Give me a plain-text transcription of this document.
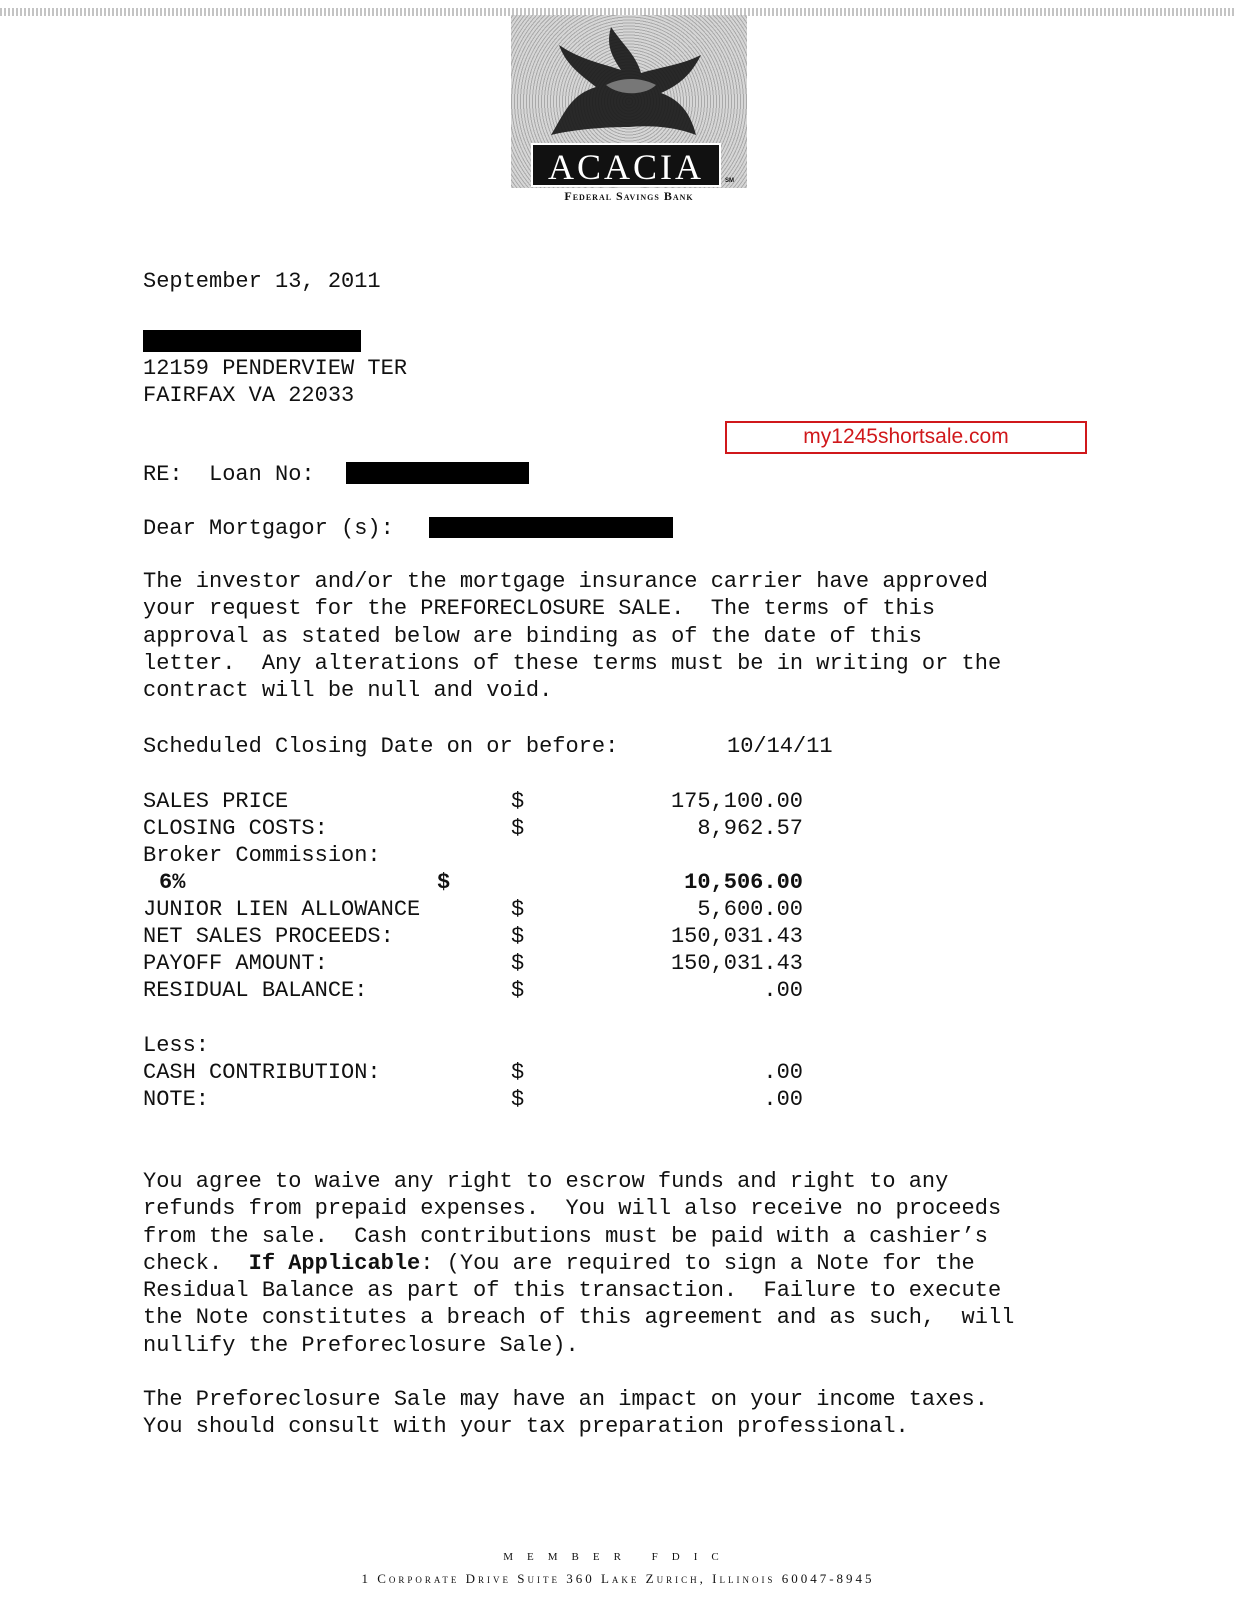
ACACIA	SM
Federal Savings Bank
September 13, 2011
12159 PENDERVIEW TER
FAIRFAX VA 22033
my1245shortsale.com
RE:  Loan No:
Dear Mortgagor (s):
The investor and/or the mortgage insurance carrier have approved
your request for the PREFORECLOSURE SALE.  The terms of this
approval as stated below are binding as of the date of this
letter.  Any alterations of these terms must be in writing or the
contract will be null and void.
Scheduled Closing Date on or before:	10/14/11
SALES PRICE	$	175,100.00
CLOSING COSTS:	$	8,962.57
Broker Commission:
6%	$	10,506.00
JUNIOR LIEN ALLOWANCE	$	5,600.00
NET SALES PROCEEDS:	$	150,031.43
PAYOFF AMOUNT:	$	150,031.43
RESIDUAL BALANCE:	$	.00
Less:
CASH CONTRIBUTION:	$	.00
NOTE:	$	.00
You agree to waive any right to escrow funds and right to any
refunds from prepaid expenses.  You will also receive no proceeds
from the sale.  Cash contributions must be paid with a cashier’s
check.  If Applicable: (You are required to sign a Note for the
Residual Balance as part of this transaction.  Failure to execute
the Note constitutes a breach of this agreement and as such,  will
nullify the Preforeclosure Sale).
The Preforeclosure Sale may have an impact on your income taxes.
You should consult with your tax preparation professional.
MEMBER FDIC
1 Corporate Drive Suite 360 Lake Zurich, Illinois 60047-8945
